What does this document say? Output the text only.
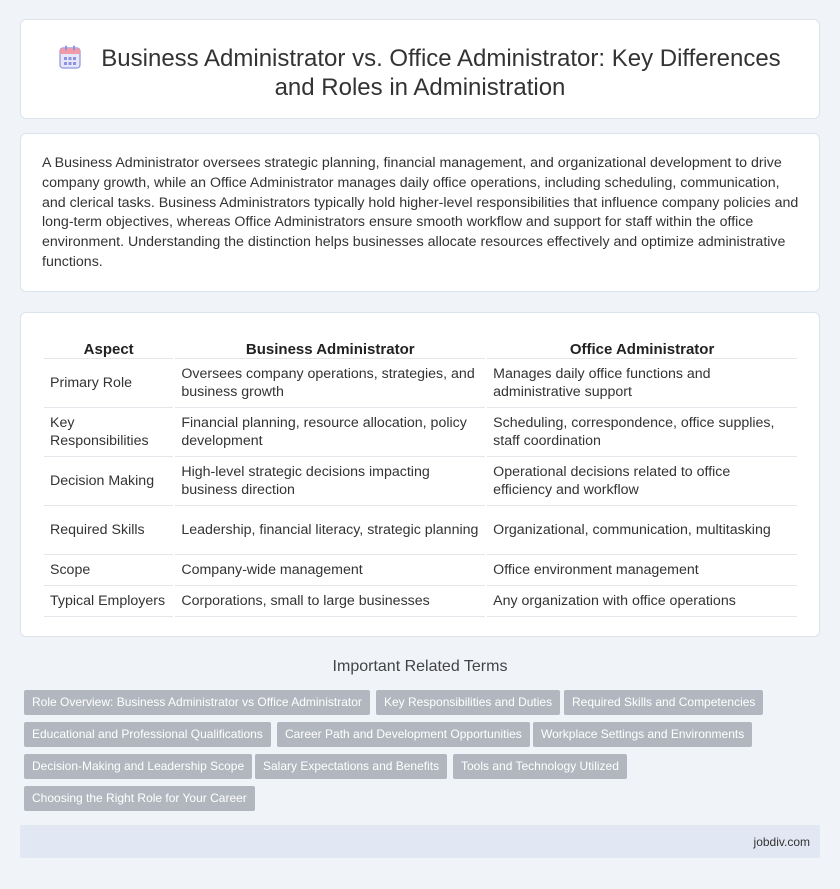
Business Administrator vs. Office Administrator: Key Differences
and Roles in Administration

A Business Administrator oversees strategic planning, financial management, and organizational development to drive company growth, while an Office Administrator manages daily office operations, including scheduling, communication, and clerical tasks. Business Administrators typically hold higher-level responsibilities that influence company policies and long-term objectives, whereas Office Administrators ensure smooth workflow and support for staff within the office environment. Understanding the distinction helps businesses allocate resources effectively and optimize administrative functions.

Aspect	Business Administrator	Office Administrator
Primary Role	Oversees company operations, strategies, and business growth	Manages daily office functions and administrative support
Key Responsibilities	Financial planning, resource allocation, policy development	Scheduling, correspondence, office supplies, staff coordination
Decision Making	High-level strategic decisions impacting business direction	Operational decisions related to office efficiency and workflow
Required Skills	Leadership, financial literacy, strategic planning	Organizational, communication, multitasking
Scope	Company-wide management	Office environment management
Typical Employers	Corporations, small to large businesses	Any organization with office operations
Important Related Terms
Role Overview: Business Administrator vs Office Administrator	Key Responsibilities and Duties	Required Skills and Competencies
Educational and Professional Qualifications	Career Path and Development Opportunities	Workplace Settings and Environments
Decision-Making and Leadership Scope	Salary Expectations and Benefits	Tools and Technology Utilized
Choosing the Right Role for Your Career
jobdiv.com
